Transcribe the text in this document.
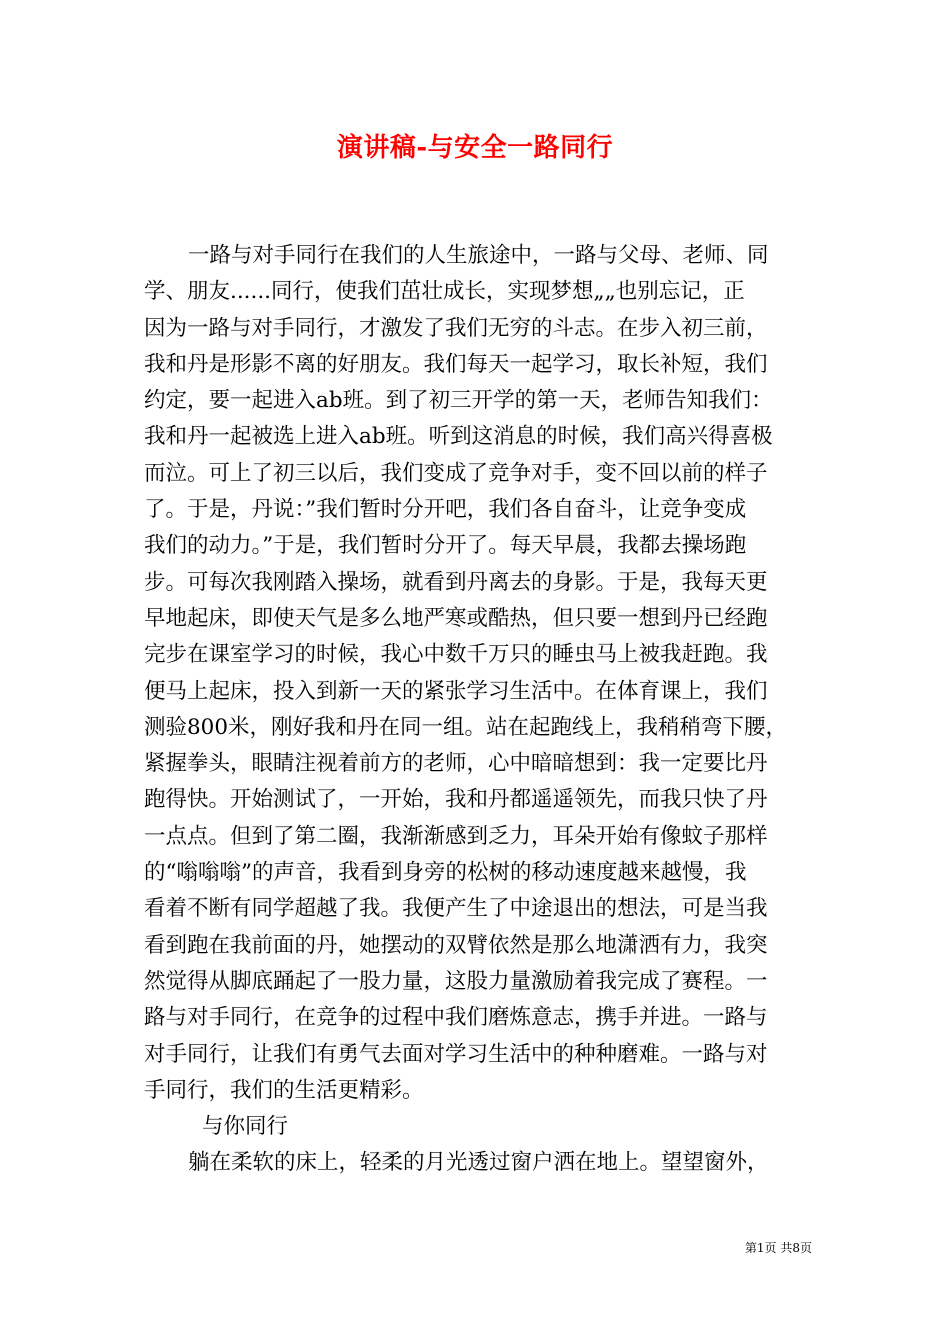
演讲稿-与安全一路同行
一路与对手同行在我们的人生旅途中，一路与父母、老师、同
学、朋友......同行，使我们茁壮成长，实现梦想„„也别忘记，正
因为一路与对手同行，才激发了我们无穷的斗志。在步入初三前，
我和丹是形影不离的好朋友。我们每天一起学习，取长补短，我们
约定，要一起进入ab班。到了初三开学的第一天，老师告知我们：
我和丹一起被选上进入ab班。听到这消息的时候，我们高兴得喜极
而泣。可上了初三以后，我们变成了竞争对手，变不回以前的样子
了。于是，丹说：”我们暂时分开吧，我们各自奋斗，让竞争变成
我们的动力。”于是，我们暂时分开了。每天早晨，我都去操场跑
步。可每次我刚踏入操场，就看到丹离去的身影。于是，我每天更
早地起床，即使天气是多么地严寒或酷热，但只要一想到丹已经跑
完步在课室学习的时候，我心中数千万只的睡虫马上被我赶跑。我
便马上起床，投入到新一天的紧张学习生活中。在体育课上，我们
测验800米，刚好我和丹在同一组。站在起跑线上，我稍稍弯下腰，
紧握拳头，眼睛注视着前方的老师，心中暗暗想到：我一定要比丹
跑得快。开始测试了，一开始，我和丹都遥遥领先，而我只快了丹
一点点。但到了第二圈，我渐渐感到乏力，耳朵开始有像蚊子那样
的“嗡嗡嗡”的声音，我看到身旁的松树的移动速度越来越慢，我
看着不断有同学超越了我。我便产生了中途退出的想法，可是当我
看到跑在我前面的丹，她摆动的双臂依然是那么地潇洒有力，我突
然觉得从脚底踊起了一股力量，这股力量激励着我完成了赛程。一
路与对手同行，在竞争的过程中我们磨炼意志，携手并进。一路与
对手同行，让我们有勇气去面对学习生活中的种种磨难。一路与对
手同行，我们的生活更精彩。
与你同行
躺在柔软的床上，轻柔的月光透过窗户洒在地上。望望窗外，
第1页 共8页
